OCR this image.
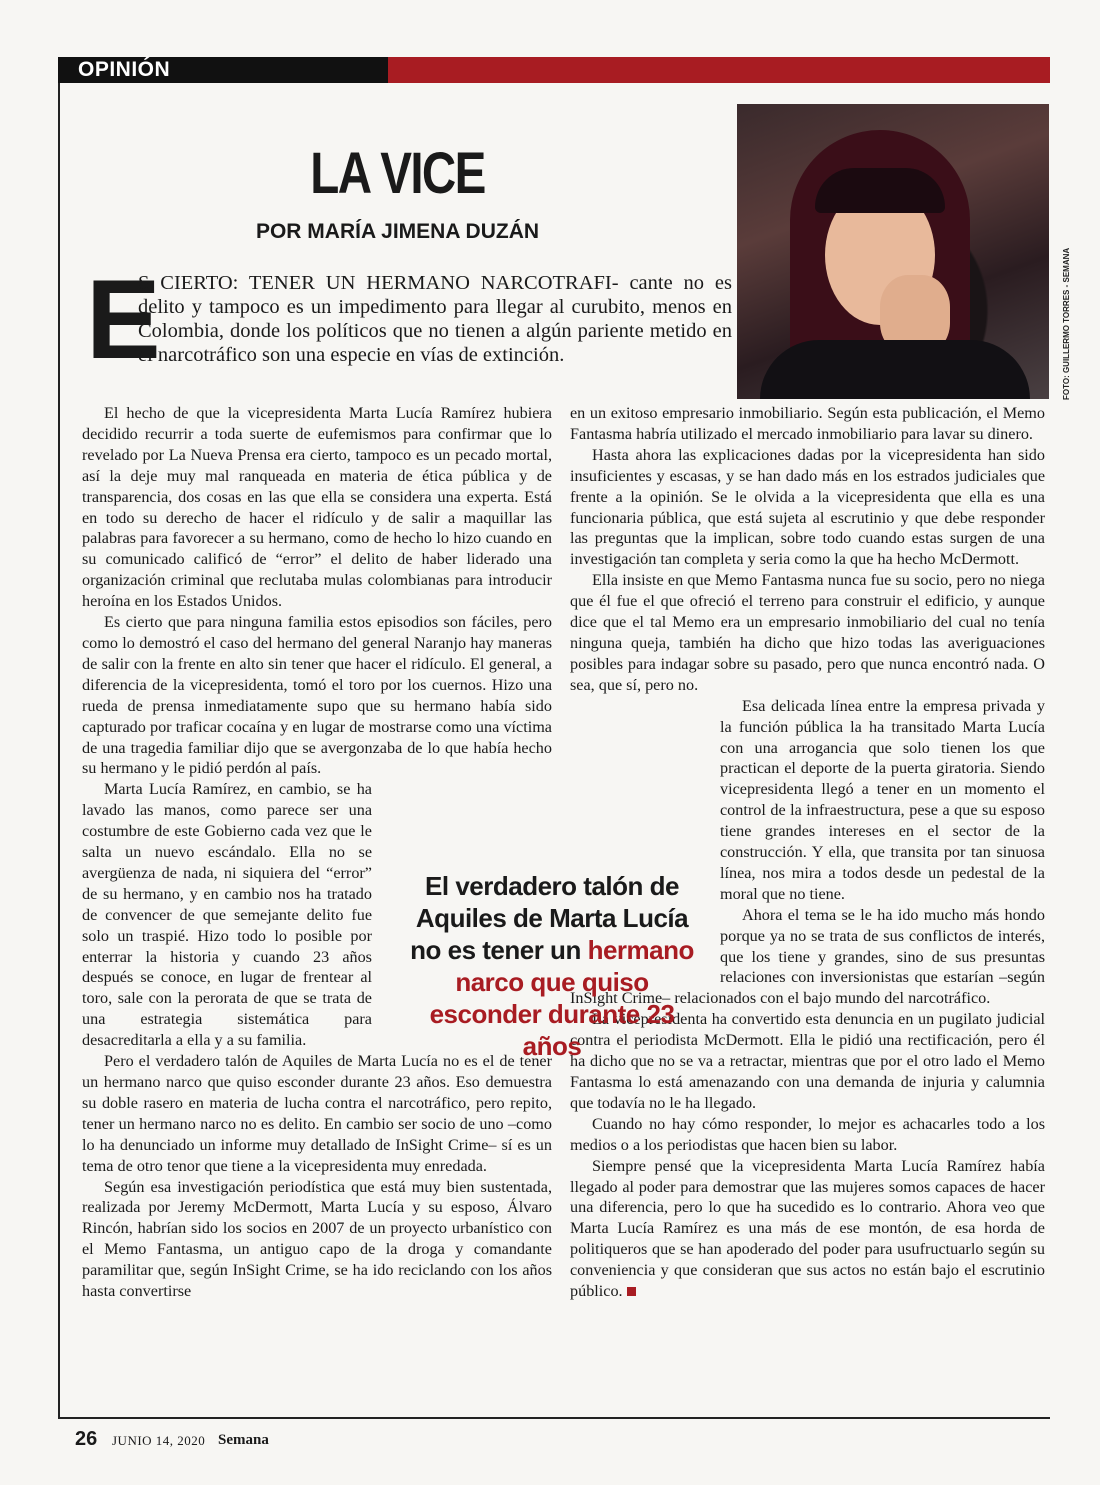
OPINIÓN
FOTO: GUILLERMO TORRES - SEMANA
LA VICE
POR MARÍA JIMENA DUZÁN
E
S CIERTO: TENER UN HERMANO NARCOTRAFI- cante no es delito y tampoco es un impedimento para llegar al curubito, menos en Colombia, donde los políticos que no tienen a algún pariente metido en el narcotráfico son una especie en vías de extinción.

El hecho de que la vicepresidenta Marta Lucía Ramírez hubiera decidido recurrir a toda suerte de eufemismos para confirmar que lo revelado por La Nueva Prensa era cierto, tampoco es un pecado mortal, así la deje muy mal ranqueada en materia de ética pública y de transparencia, dos cosas en las que ella se considera una experta. Está en todo su derecho de hacer el ridículo y de salir a maquillar las palabras para favorecer a su hermano, como de hecho lo hizo cuando en su comunicado calificó de “error” el delito de haber liderado una organización criminal que reclutaba mulas colombianas para introducir heroína en los Estados Unidos.

Es cierto que para ninguna familia estos episodios son fáciles, pero como lo demostró el caso del hermano del general Naranjo hay maneras de salir con la frente en alto sin tener que hacer el ridículo. El general, a diferencia de la vicepresidenta, tomó el toro por los cuernos. Hizo una rueda de prensa inmediatamente supo que su hermano había sido capturado por traficar cocaína y en lugar de mostrarse como una víctima de una tragedia familiar dijo que se avergonzaba de lo que había hecho su hermano y le pidió perdón al país.

Marta Lucía Ramírez, en cambio, se ha lavado las manos, como parece ser una costumbre de este Gobierno cada vez que le salta un nuevo escándalo. Ella no se avergüenza de nada, ni siquiera del “error” de su hermano, y en cambio nos ha tratado de convencer de que semejante delito fue solo un traspié. Hizo todo lo posible por enterrar la historia y cuando 23 años después se conoce, en lugar de frentear al toro, sale con la perorata de que se trata de una estrategia sistemática para desacreditarla a ella y a su familia.

Pero el verdadero talón de Aquiles de Marta Lucía no es el de tener un hermano narco que quiso esconder durante 23 años. Eso demuestra su doble rasero en materia de lucha contra el narcotráfico, pero repito, tener un hermano narco no es delito. En cambio ser socio de uno –como lo ha denunciado un informe muy detallado de InSight Crime– sí es un tema de otro tenor que tiene a la vicepresidenta muy enredada.

Según esa investigación periodística que está muy bien sustentada, realizada por Jeremy McDermott, Marta Lucía y su esposo, Álvaro Rincón, habrían sido los socios en 2007 de un proyecto urbanístico con el Memo Fantasma, un antiguo capo de la droga y comandante paramilitar que, según InSight Crime, se ha ido reciclando con los años hasta convertirse

en un exitoso empresario inmobiliario. Según esta publicación, el Memo Fantasma habría utilizado el mercado inmobiliario para lavar su dinero.

Hasta ahora las explicaciones dadas por la vicepresidenta han sido insuficientes y escasas, y se han dado más en los estrados judiciales que frente a la opinión. Se le olvida a la vicepresidenta que ella es una funcionaria pública, que está sujeta al escrutinio y que debe responder las preguntas que la implican, sobre todo cuando estas surgen de una investigación tan completa y seria como la que ha hecho McDermott.

Ella insiste en que Memo Fantasma nunca fue su socio, pero no niega que él fue el que ofreció el terreno para construir el edificio, y aunque dice que el tal Memo era un empresario inmobiliario del cual no tenía ninguna queja, también ha dicho que hizo todas las averiguaciones posibles para indagar sobre su pasado, pero que nunca encontró nada. O sea, que sí, pero no.

Esa delicada línea entre la empresa privada y la función pública la ha transitado Marta Lucía con una arrogancia que solo tienen los que practican el deporte de la puerta giratoria. Siendo vicepresidenta llegó a tener en un momento el control de la infraestructura, pese a que su esposo tiene grandes intereses en el sector de la construcción. Y ella, que transita por tan sinuosa línea, nos mira a todos desde un pedestal de la moral que no tiene.

Ahora el tema se le ha ido mucho más hondo porque ya no se trata de sus conflictos de interés, que los tiene y grandes, sino de sus presuntas relaciones con inversionistas que estarían –según InSight Crime– relacionados con el bajo mundo del narcotráfico.

La vicepresidenta ha convertido esta denuncia en un pugilato judicial contra el periodista McDermott. Ella le pidió una rectificación, pero él ha dicho que no se va a retractar, mientras que por el otro lado el Memo Fantasma lo está amenazando con una demanda de injuria y calumnia que todavía no le ha llegado.

Cuando no hay cómo responder, lo mejor es achacarles todo a los medios o a los periodistas que hacen bien su labor.

Siempre pensé que la vicepresidenta Marta Lucía Ramírez había llegado al poder para demostrar que las mujeres somos capaces de hacer una diferencia, pero lo que ha sucedido es lo contrario. Ahora veo que Marta Lucía Ramírez es una más de ese montón, de esa horda de politiqueros que se han apoderado del poder para usufructuarlo según su conveniencia y que consideran que sus actos no están bajo el escrutinio público.

El verdadero talón de Aquiles de Marta Lucía no es tener un hermano narco que quiso esconder durante 23 años
26 JUNIO 14, 2020 Semana
